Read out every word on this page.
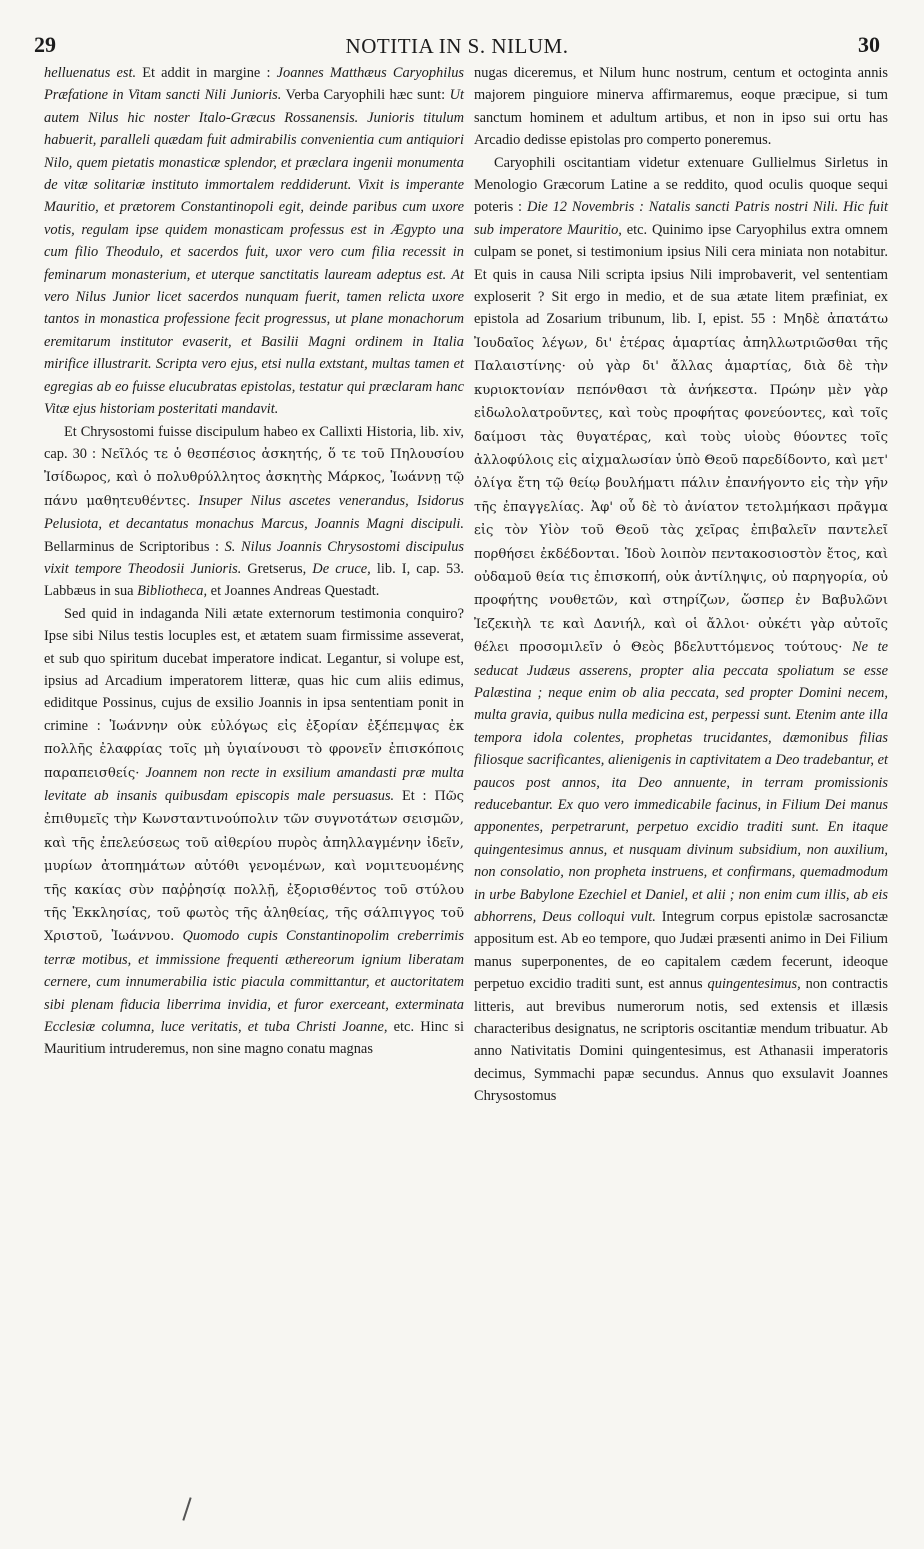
29	NOTITIA IN S. NILUM.	30

helluenatus est. Et addit in margine : Joannes Matthæus Caryophilus Præfatione in Vitam sancti Nili Junioris. Verba Caryophili hæc sunt: Ut autem Nilus hic noster Italo-Græcus Rossanensis. Junioris titulum habuerit, paralleli quædam fuit admirabilis convenientia cum antiquiori Nilo, quem pietatis monasticæ splendor, et præclara ingenii monumenta de vitæ solitariæ instituto immortalem reddiderunt. Vixit is imperante Mauritio, et prætorem Constantinopoli egit, deinde paribus cum uxore votis, regulam ipse quidem monasticam professus est in Ægypto una cum filio Theodulo, et sacerdos fuit, uxor vero cum filia recessit in feminarum monasterium, et uterque sanctitatis lauream adeptus est. At vero Nilus Junior licet sacerdos nunquam fuerit, tamen relicta uxore tantos in monastica professione fecit progressus, ut plane monachorum eremitarum institutor evaserit, et Basilii Magni ordinem in Italia mirifice illustrarit. Scripta vero ejus, etsi nulla extstant, multas tamen et egregias ab eo fuisse elucubratas epistolas, testatur qui præclaram hanc Vitæ ejus historiam posteritati mandavit.

Et Chrysostomi fuisse discipulum habeo ex Callixti Historia, lib. xiv, cap. 30 : Νεῖλός τε ὁ θεσπέσιος ἀσκητής, ὅ τε τοῦ Πηλουσίου Ἰσίδωρος, καὶ ὁ πολυθρύλλητος ἀσκητὴς Μάρκος, Ἰωάννῃ τῷ πάνυ μαθητευθέντες. Insuper Nilus ascetes venerandus, Isidorus Pelusiota, et decantatus monachus Marcus, Joannis Magni discipuli. Bellarminus de Scriptoribus : S. Nilus Joannis Chrysostomi discipulus vixit tempore Theodosii Junioris. Gretserus, De cruce, lib. I, cap. 53. Labbæus in sua Bibliotheca, et Joannes Andreas Questadt.

Sed quid in indaganda Nili ætate externorum testimonia conquiro? Ipse sibi Nilus testis locuples est, et ætatem suam firmissime asseverat, et sub quo spiritum ducebat imperatore indicat. Legantur, si volupe est, ipsius ad Arcadium imperatorem litteræ, quas hic cum aliis edimus, ediditque Possinus, cujus de exsilio Joannis in ipsa sententiam ponit in crimine : Ἰωάννην οὐκ εὐλόγως εἰς ἐξορίαν ἐξέπεμψας ἐκ πολλῆς ἐλαφρίας τοῖς μὴ ὑγιαίνουσι τὸ φρονεῖν ἐπισκόποις παραπεισθείς· Joannem non recte in exsilium amandasti præ multa levitate ab insanis quibusdam episcopis male persuasus. Et : Πῶς ἐπιθυμεῖς τὴν Κωνσταντινούπολιν τῶν συγνοτάτων σεισμῶν, καὶ τῆς ἐπελεύσεως τοῦ αἰθερίου πυρὸς ἀπηλλαγμένην ἰδεῖν, μυρίων ἀτοπημάτων αὐτόθι γενομένων, καὶ νομιτευομένης τῆς κακίας σὺν παῤῥησίᾳ πολλῇ, ἐξορισθέντος τοῦ στύλου τῆς Ἐκκλησίας, τοῦ φωτὸς τῆς ἀληθείας, τῆς σάλπιγγος τοῦ Χριστοῦ, Ἰωάννου. Quomodo cupis Constantinopolim creberrimis terræ motibus, et immissione frequenti æthereorum ignium liberatam cernere, cum innumerabilia istic piacula committantur, et auctoritatem sibi plenam fiducia liberrima invidia, et furor exerceant, exterminata Ecclesiæ columna, luce veritatis, et tuba Christi Joanne, etc. Hinc si Mauritium intruderemus, non sine magno conatu magnas

nugas diceremus, et Nilum hunc nostrum, centum et octoginta annis majorem pinguiore minerva affirmaremus, eoque præcipue, si tum sanctum hominem et adultum artibus, et non in ipso sui ortu has Arcadio dedisse epistolas pro comperto poneremus.

Caryophili oscitantiam videtur extenuare Gullielmus Sirletus in Menologio Græcorum Latine a se reddito, quod oculis quoque sequi poteris : Die 12 Novembris : Natalis sancti Patris nostri Nili. Hic fuit sub imperatore Mauritio, etc. Quinimo ipse Caryophilus extra omnem culpam se ponet, si testimonium ipsius Nili cera miniata non notabitur. Et quis in causa Nili scripta ipsius Nili improbaverit, vel sententiam exploserit ? Sit ergo in medio, et de sua ætate litem præfiniat, ex epistola ad Zosarium tribunum, lib. I, epist. 55 : Μηδὲ ἀπατάτω Ἰουδαῖος λέγων, δι' ἑτέρας ἁμαρτίας ἀπηλλωτριῶσθαι τῆς Παλαιστίνης· οὐ γὰρ δι' ἄλλας ἁμαρτίας, διὰ δὲ τὴν κυριοκτονίαν πεπόνθασι τὰ ἀνήκεστα. Πρώην μὲν γὰρ εἰδωλολατροῦντες, καὶ τοὺς προφήτας φονεύοντες, καὶ τοῖς δαίμοσι τὰς θυγατέρας, καὶ τοὺς υἱοὺς θύοντες τοῖς ἀλλοφύλοις εἰς αἰχμαλωσίαν ὑπὸ Θεοῦ παρεδίδοντο, καὶ μετ' ὀλίγα ἔτη τῷ θείῳ βουλήματι πάλιν ἐπανήγοντο εἰς τὴν γῆν τῆς ἐπαγγελίας. Ἀφ' οὗ δὲ τὸ ἀνίατον τετολμήκασι πρᾶγμα εἰς τὸν Υἱὸν τοῦ Θεοῦ τὰς χεῖρας ἐπιβαλεῖν παντελεῖ πορθήσει ἐκδέδονται. Ἰδοὺ λοιπὸν πεντακοσιοστὸν ἔτος, καὶ οὐδαμοῦ θεία τις ἐπισκοπή, οὐκ ἀντίληψις, οὐ παρηγορία, οὐ προφήτης νουθετῶν, καὶ στηρίζων, ὥσπερ ἐν Βαβυλῶνι Ἰεζεκιὴλ τε καὶ Δανιήλ, καὶ οἱ ἄλλοι· οὐκέτι γὰρ αὐτοῖς θέλει προσομιλεῖν ὁ Θεὸς βδελυττόμενος τούτους· Ne te seducat Judæus asserens, propter alia peccata spoliatum se esse Palæstina ; neque enim ob alia peccata, sed propter Domini necem, multa gravia, quibus nulla medicina est, perpessi sunt. Etenim ante illa tempora idola colentes, prophetas trucidantes, dæmonibus filias filiosque sacrificantes, alienigenis in captivitatem a Deo tradebantur, et paucos post annos, ita Deo annuente, in terram promissionis reducebantur. Ex quo vero immedicabile facinus, in Filium Dei manus apponentes, perpetrarunt, perpetuo excidio traditi sunt. En itaque quingentesimus annus, et nusquam divinum subsidium, non auxilium, non consolatio, non propheta instruens, et confirmans, quemadmodum in urbe Babylone Ezechiel et Daniel, et alii ; non enim cum illis, ab eis abhorrens, Deus colloqui vult. Integrum corpus epistolæ sacrosanctæ appositum est. Ab eo tempore, quo Judæi præsenti animo in Dei Filium manus superponentes, de eo capitalem cædem fecerunt, ideoque perpetuo excidio traditi sunt, est annus quingentesimus, non contractis litteris, aut brevibus numerorum notis, sed extensis et illæsis characteribus designatus, ne scriptoris oscitantiæ mendum tribuatur. Ab anno Nativitatis Domini quingentesimus, est Athanasii imperatoris decimus, Symmachi papæ secundus. Annus quo exsulavit Joannes Chrysostomus
